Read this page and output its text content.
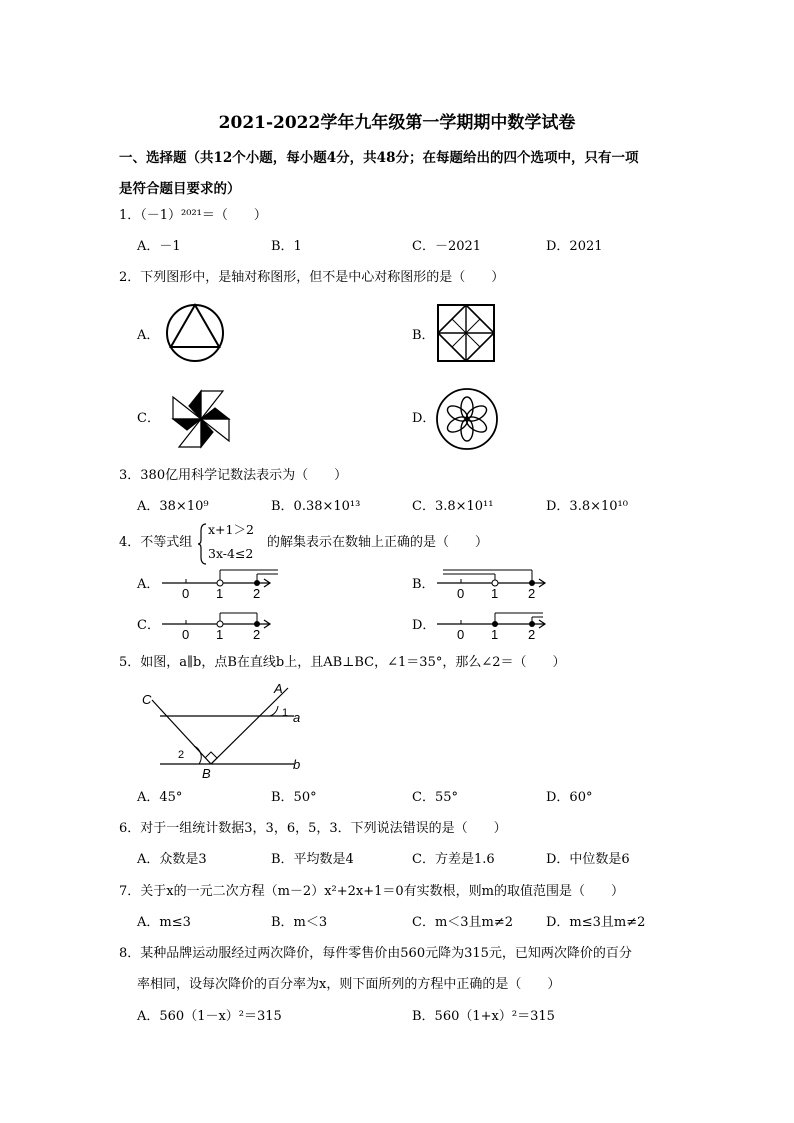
2021-2022学年九年级第一学期期中数学试卷
一、选择题（共12个小题，每小题4分，共48分；在每题给出的四个选项中，只有一项
是符合题目要求的）
1．（－1）²⁰²¹＝（　　）
A．－1	B．1	C．－2021	D．2021
2．下列图形中，是轴对称图形，但不是中心对称图形的是（　　）
A．	B．
C．	D．
3．380亿用科学记数法表示为（　　）
A．38×10⁹	B．0.38×10¹³	C．3.8×10¹¹	D．3.8×10¹⁰
4．不等式组
x+1＞2
3x-4≤2
的解集表示在数轴上正确的是（　　）
A．
0 1 2
B．
0 1 2
C．
0 1 2
D．
0 1 2
5．如图，a∥b，点B在直线b上，且AB⊥BC，∠1＝35°，那么∠2＝（　　）
C
A
1 a
2
b
B
A．45°	B．50°	C．55°	D．60°
6．对于一组统计数据3，3，6，5，3．下列说法错误的是（　　）
A．众数是3	B．平均数是4	C．方差是1.6	D．中位数是6
7．关于x的一元二次方程（m－2）x²+2x+1＝0有实数根，则m的取值范围是（　　）
A．m≤3	B．m＜3	C．m＜3且m≠2	D．m≤3且m≠2
8．某种品牌运动服经过两次降价，每件零售价由560元降为315元，已知两次降价的百分
率相同，设每次降价的百分率为x，则下面所列的方程中正确的是（　　）
A．560（1－x）²＝315	B．560（1+x）²＝315
